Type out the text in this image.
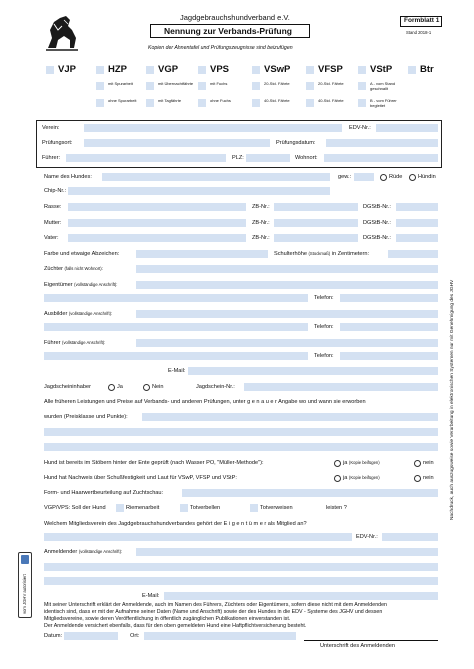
Jagdgebrauchshundverband e.V.
Nennung zur Verbands-Prüfung
Kopien der Ahnentafel und Prüfungszeugnisse sind beizufügen
Formblatt 1
Stand 2018-1
VJP	HZP
mit Spurarbeit
ohne Spurarbeit
VGP
mit Übernachtfährte
mit Tagfährte
VPS
mit Fuchs
ohne Fuchs
VSwP
20-Std. Fährte
40-Std. Fährte
VFSP
20-Std. Fährte
40-Std. Fährte
VStP
A - vom Stand geschnallt
B - vom Führer begleitet
Btr
Verein:	EDV-Nr.:
Prüfungsort:	Prüfungsdatum:
Führer:	PLZ:	Wohnort:
Name des Hundes:	gew.:	Rüde	Hündin
Chip-Nr.:
Rasse:	ZB-Nr.:	DGStB-Nr.:
Mutter:	ZB-Nr.:	DGStB-Nr.:
Vater:	ZB-Nr.:	DGStB-Nr.:
Farbe und etwaige Abzeichen:	Schulterhöhe (Stockmaß) in Zentimetern:
Züchter (falls nicht Wohnort):
Eigentümer (vollständige Anschrift):
Telefon:
Ausbilder (vollständige Anschrift):
Telefon:
Führer (vollständige Anschrift):
Telefon:
E-Mail:
Jagdscheininhaber	Ja	Nein	Jagdschein-Nr.:
Alle früheren Leistungen und Preise auf Verbands- und anderen Prüfungen, unter g e n a u e r Angabe wo und wann sie erworben
wurden (Preisklasse und Punkte):
Hund ist bereits im Stöbern hinter der Ente geprüft (nach Wasser PO, "Müller-Methode"):	ja (Kopie beifügen)	nein
Hund hat Nachweis über Schußfestigkeit und Laut für VSwP, VFSP und VStP:	ja (Kopie beifügen)	nein
Form- und Haarwertbeurteilung auf Zuchtschau:
VGP/VPS: Soll der Hund	Riemenarbeit	Totverbellen	Totverweisen	leisten ?
Welchem Mitgliedsverein des Jagdgebrauchshundverbandes gehört der E i g e n t ü m e r als Mitglied an?
EDV-Nr.:
Anmeldender (vollständige Anschrift):
E-Mail:
Mit seiner Unterschrift erklärt der Anmeldende, auch im Namen des Führers, Züchters oder Eigentümers, sofern diese nicht mit dem Anmeldenden
identisch sind, dass er mit der Aufnahme seiner Daten (Name und Anschrift) sowie der des Hundes in die EDV - Systeme des JGHV und dessen
Mitgliedsvereine, sowie deren Veröffentlichung in öffentlich zugänglichen Publikationen einverstanden ist.
Der Anmeldende versichert ebenfalls, dass für den oben gemeldeten Hund eine Haftpflichtversicherung besteht.
Datum:	Ort:
Unterschrift des Anmeldenden
Nachdruck, auch auszugsweise sowie Verarbeitung in elektronischen Systemen nur mit Genehmigung des JGHV
vom JGHV autorisiert
